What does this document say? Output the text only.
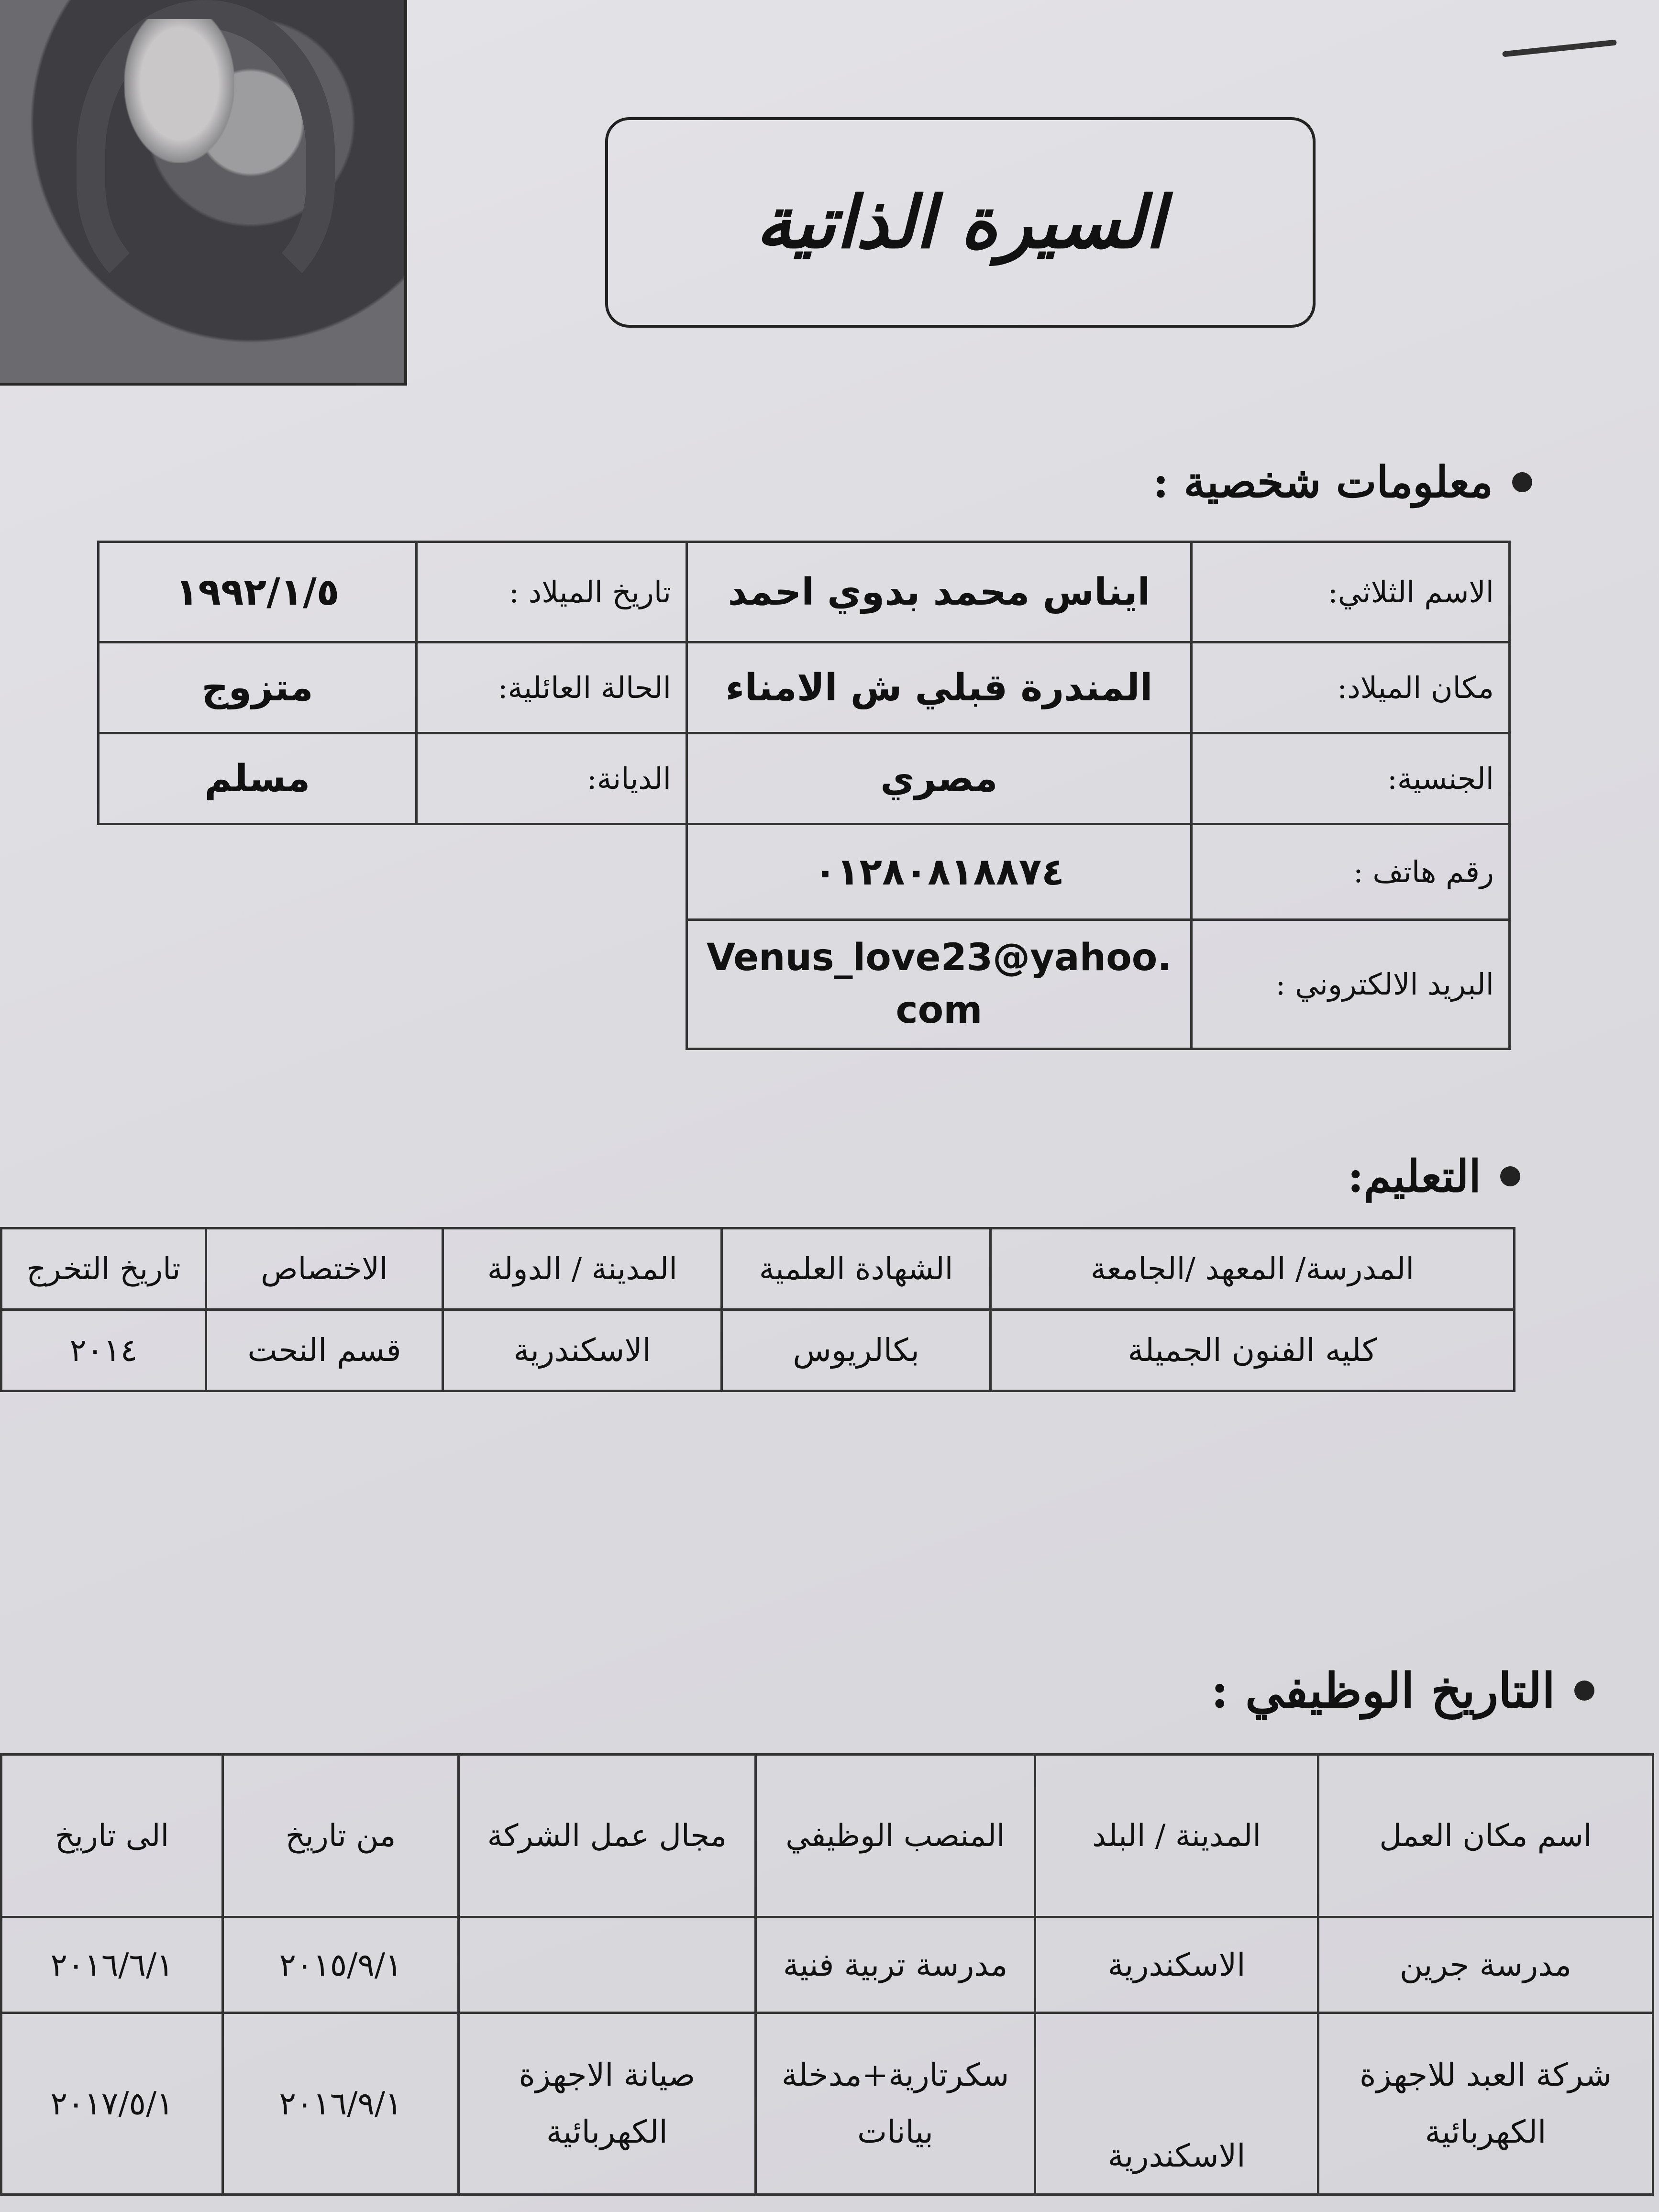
السيرة الذاتية
معلومات شخصية :
الاسم الثلاثي:	ايناس محمد بدوي احمد	تاريخ الميلاد :	١٩٩٢/١/٥
مكان الميلاد:	المندرة قبلي ش الامناء	الحالة العائلية:	متزوج
الجنسية:	مصري	الديانة:	مسلم
رقم هاتف :	٠١٢٨٠٨١٨٨٧٤		
البريد الالكتروني :	Venus_love23@yahoo.com		
التعليم:
المدرسة/ المعهد /الجامعة	الشهادة العلمية	المدينة / الدولة	الاختصاص	تاريخ التخرج
كليه الفنون الجميلة	بكالريوس	الاسكندرية	قسم النحت	٢٠١٤
التاريخ الوظيفي :
اسم مكان العمل	المدينة / البلد	المنصب الوظيفي	مجال عمل الشركة	من تاريخ	الى تاريخ
مدرسة جرين	الاسكندرية	مدرسة تربية فنية		٢٠١٥/٩/١	٢٠١٦/٦/١
شركة العبد للاجهزة الكهربائية	الاسكندرية	سكرتارية+مدخلة بيانات	صيانة الاجهزة الكهربائية	٢٠١٦/٩/١	٢٠١٧/٥/١
